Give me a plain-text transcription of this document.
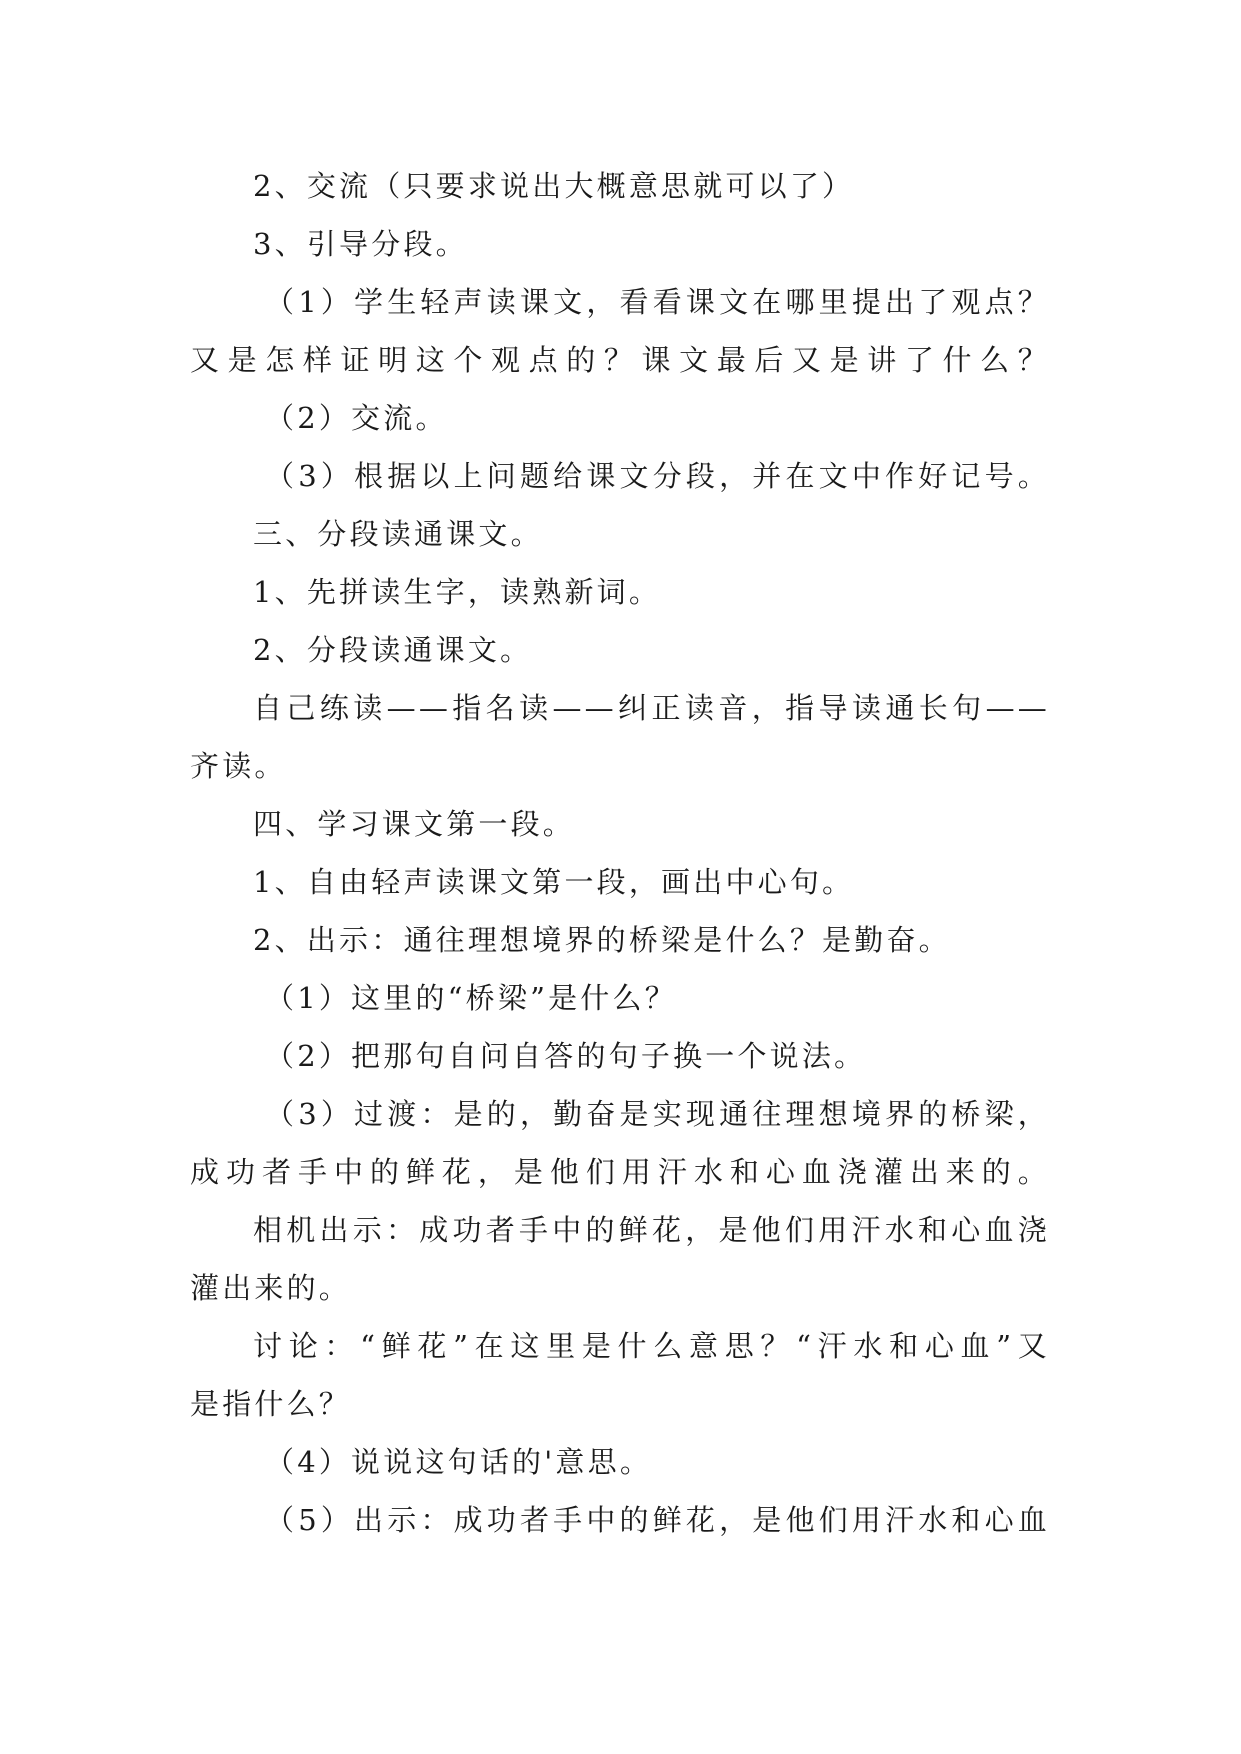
2、交流（只要求说出大概意思就可以了）
3、引导分段。
（1）学生轻声读课文，看看课文在哪里提出了观点？
又是怎样证明这个观点的？课文最后又是讲了什么？
（2）交流。
（3）根据以上问题给课文分段，并在文中作好记号。
三、分段读通课文。
1、先拼读生字，读熟新词。
2、分段读通课文。
自己练读——指名读——纠正读音，指导读通长句——
齐读。
四、学习课文第一段。
1、自由轻声读课文第一段，画出中心句。
2、出示：通往理想境界的桥梁是什么？是勤奋。
（1）这里的“桥梁”是什么？
（2）把那句自问自答的句子换一个说法。
（3）过渡：是的，勤奋是实现通往理想境界的桥梁，
成功者手中的鲜花，是他们用汗水和心血浇灌出来的。
相机出示：成功者手中的鲜花，是他们用汗水和心血浇
灌出来的。
讨论：“鲜花”在这里是什么意思？“汗水和心血”又
是指什么？
（4）说说这句话的'意思。
（5）出示：成功者手中的鲜花，是他们用汗水和心血
